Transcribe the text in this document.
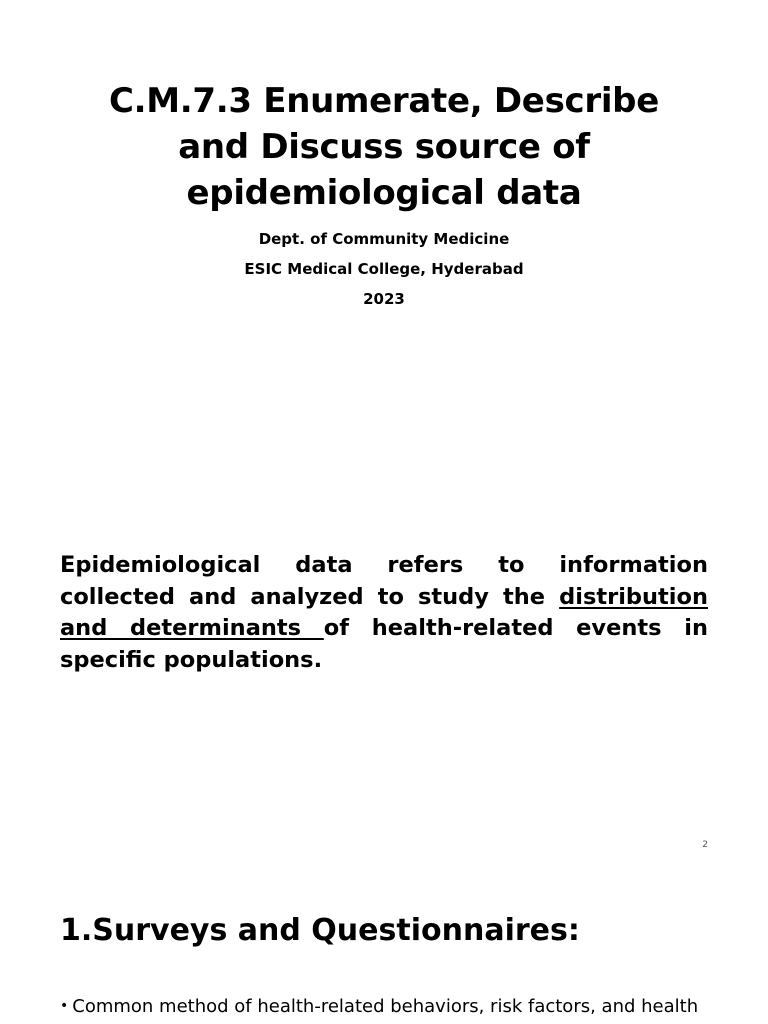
C.M.7.3 Enumerate, Describe
and Discuss source of
epidemiological data

Dept. of Community Medicine

ESIC Medical College, Hyderabad

2023

Epidemiological data refers to information collected and analyzed to study the distribution and determinants of health-related events in specific populations.

2

1.Surveys and Questionnaires:

• Common method of health-related behaviors, risk factors, and health
